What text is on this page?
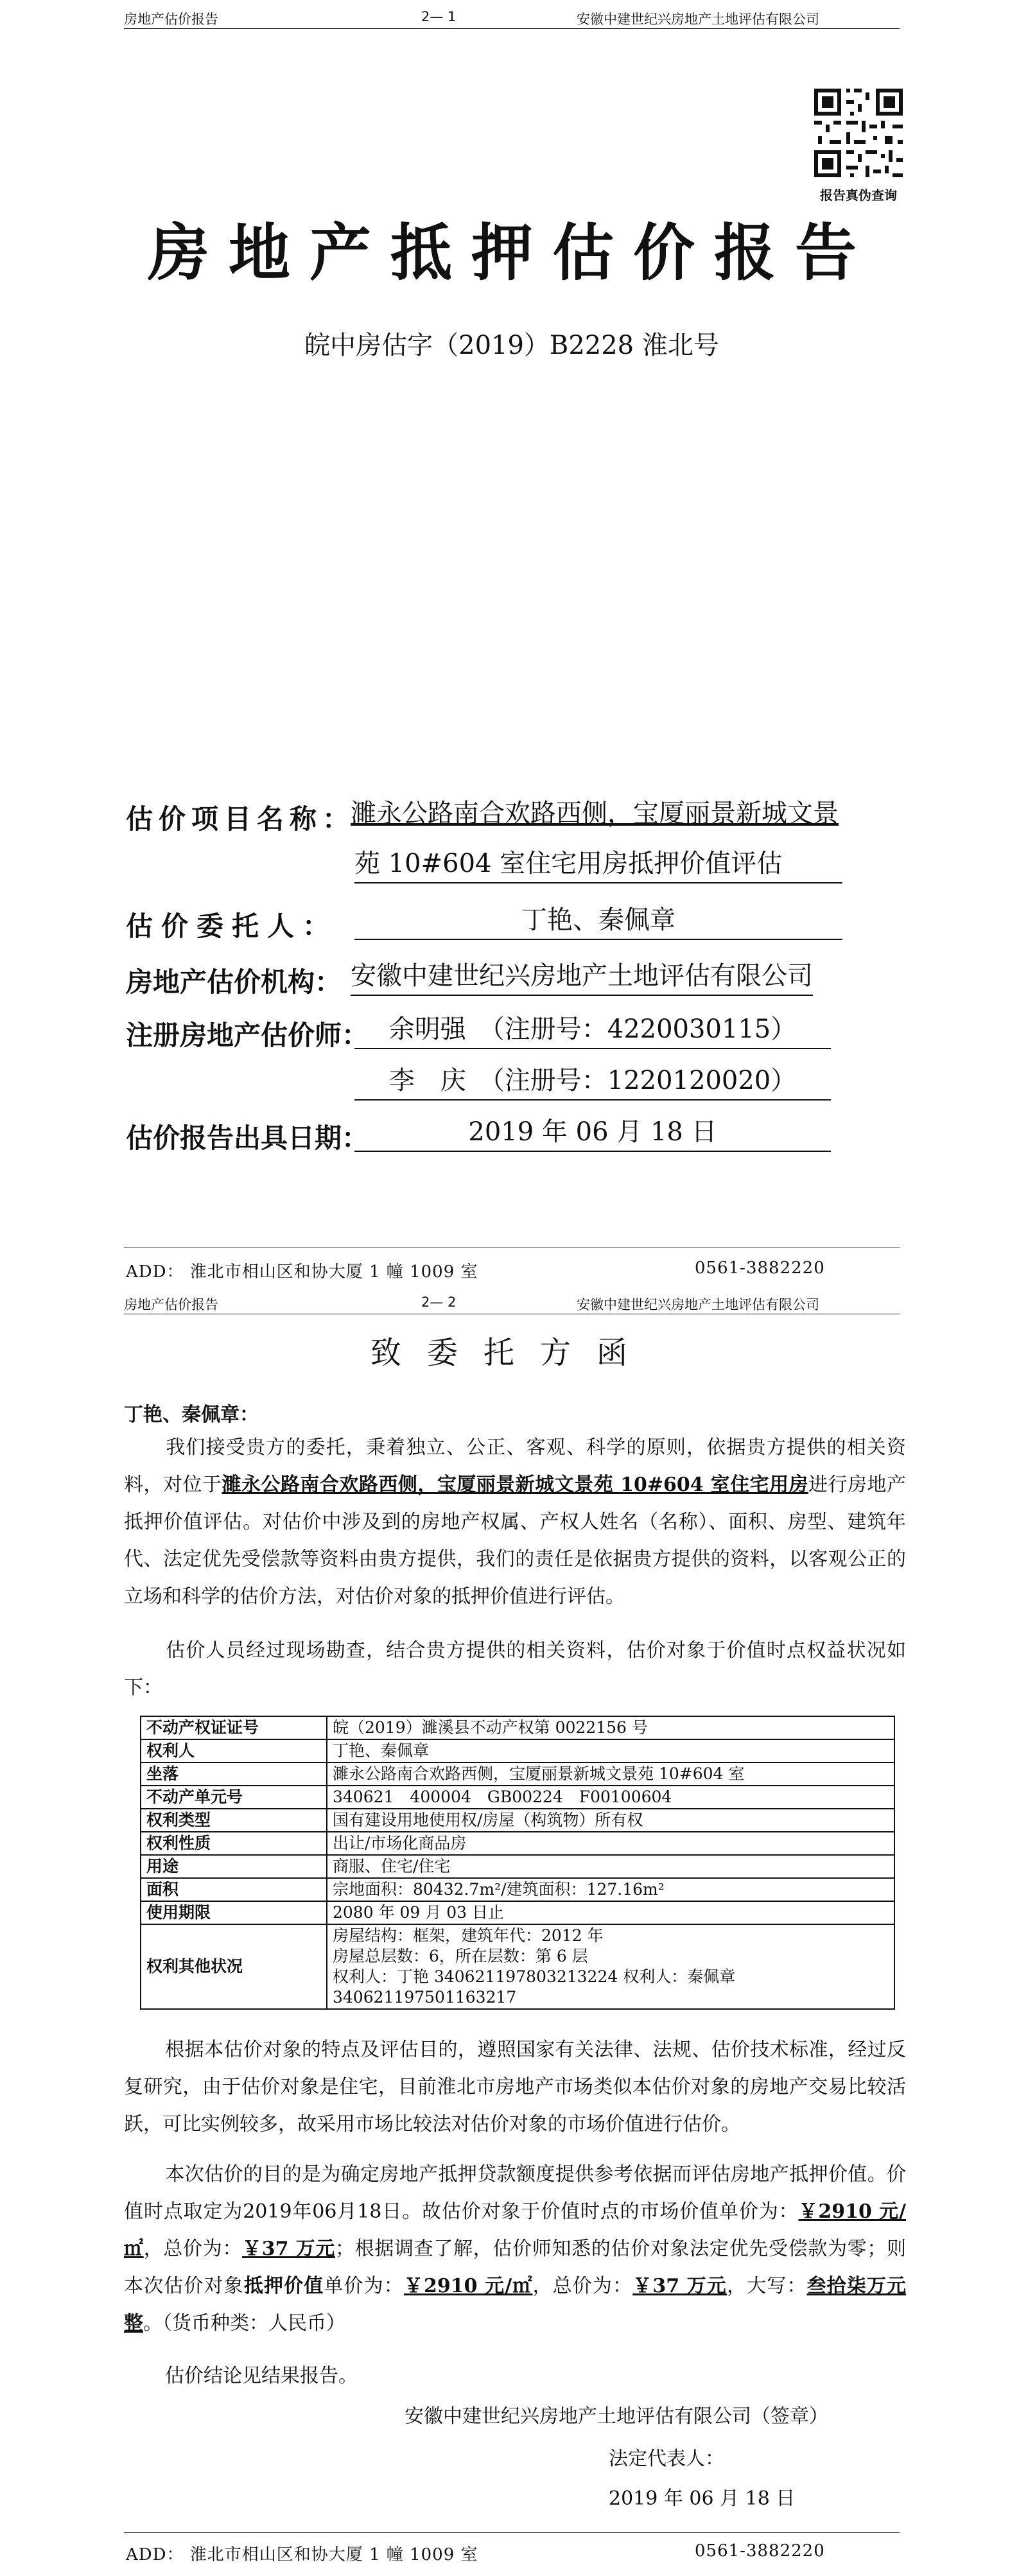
房地产估价报告	2— 1	安徽中建世纪兴房地产土地评估有限公司
报告真伪查询
房地产抵押估价报告
皖中房估字（2019）B2228 淮北号
估价项目名称：
濉永公路南合欢路西侧，宝厦丽景新城文景
苑 10#604 室住宅用房抵押价值评估
估价委托人：	丁艳、秦佩章
房地产估价机构： 安徽中建世纪兴房地产土地评估有限公司
注册房地产估价师： 余明强　（注册号：4220030115）
李　庆　（注册号：1220120020）
估价报告出具日期：	2019 年 06 月 18 日
ADD： 淮北市相山区和协大厦 1 幢 1009 室	0561-3882220
房地产估价报告	2— 2	安徽中建世纪兴房地产土地评估有限公司
致委托方函
丁艳、秦佩章：
我们接受贵方的委托，秉着独立、公正、客观、科学的原则，依据贵方提供的相关资料，对位于濉永公路南合欢路西侧，宝厦丽景新城文景苑 10#604 室住宅用房进行房地产抵押价值评估。对估价中涉及到的房地产权属、产权人姓名（名称）、面积、房型、建筑年代、法定优先受偿款等资料由贵方提供，我们的责任是依据贵方提供的资料，以客观公正的立场和科学的估价方法，对估价对象的抵押价值进行评估。
估价人员经过现场勘查，结合贵方提供的相关资料，估价对象于价值时点权益状况如下：
不动产权证证号	皖（2019）濉溪县不动产权第 0022156 号

权利人	丁艳、秦佩章

坐落	濉永公路南合欢路西侧，宝厦丽景新城文景苑 10#604 室

不动产单元号	340621　400004　GB00224　F00100604

权利类型	国有建设用地使用权/房屋（构筑物）所有权

权利性质	出让/市场化商品房

用途	商服、住宅/住宅

面积	宗地面积：80432.7m²/建筑面积：127.16m²

使用期限	2080 年 09 月 03 日止

权利其他状况	房屋结构：框架，建筑年代：2012 年
房屋总层数：6，所在层数：第 6 层
权利人：丁艳 340621197803213224 权利人：秦佩章 340621197501163217
根据本估价对象的特点及评估目的，遵照国家有关法律、法规、估价技术标准，经过反复研究，由于估价对象是住宅，目前淮北市房地产市场类似本估价对象的房地产交易比较活跃，可比实例较多，故采用市场比较法对估价对象的市场价值进行估价。
本次估价的目的是为确定房地产抵押贷款额度提供参考依据而评估房地产抵押价值。价值时点取定为2019年06月18日。故估价对象于价值时点的市场价值单价为：￥2910 元/㎡，总价为：￥37 万元；根据调查了解，估价师知悉的估价对象法定优先受偿款为零；则本次估价对象抵押价值单价为：￥2910 元/㎡，总价为：￥37 万元，大写：叁拾柒万元整。（货币种类：人民币）
估价结论见结果报告。
安徽中建世纪兴房地产土地评估有限公司（签章）
法定代表人：
2019 年 06 月 18 日
ADD： 淮北市相山区和协大厦 1 幢 1009 室	0561-3882220
